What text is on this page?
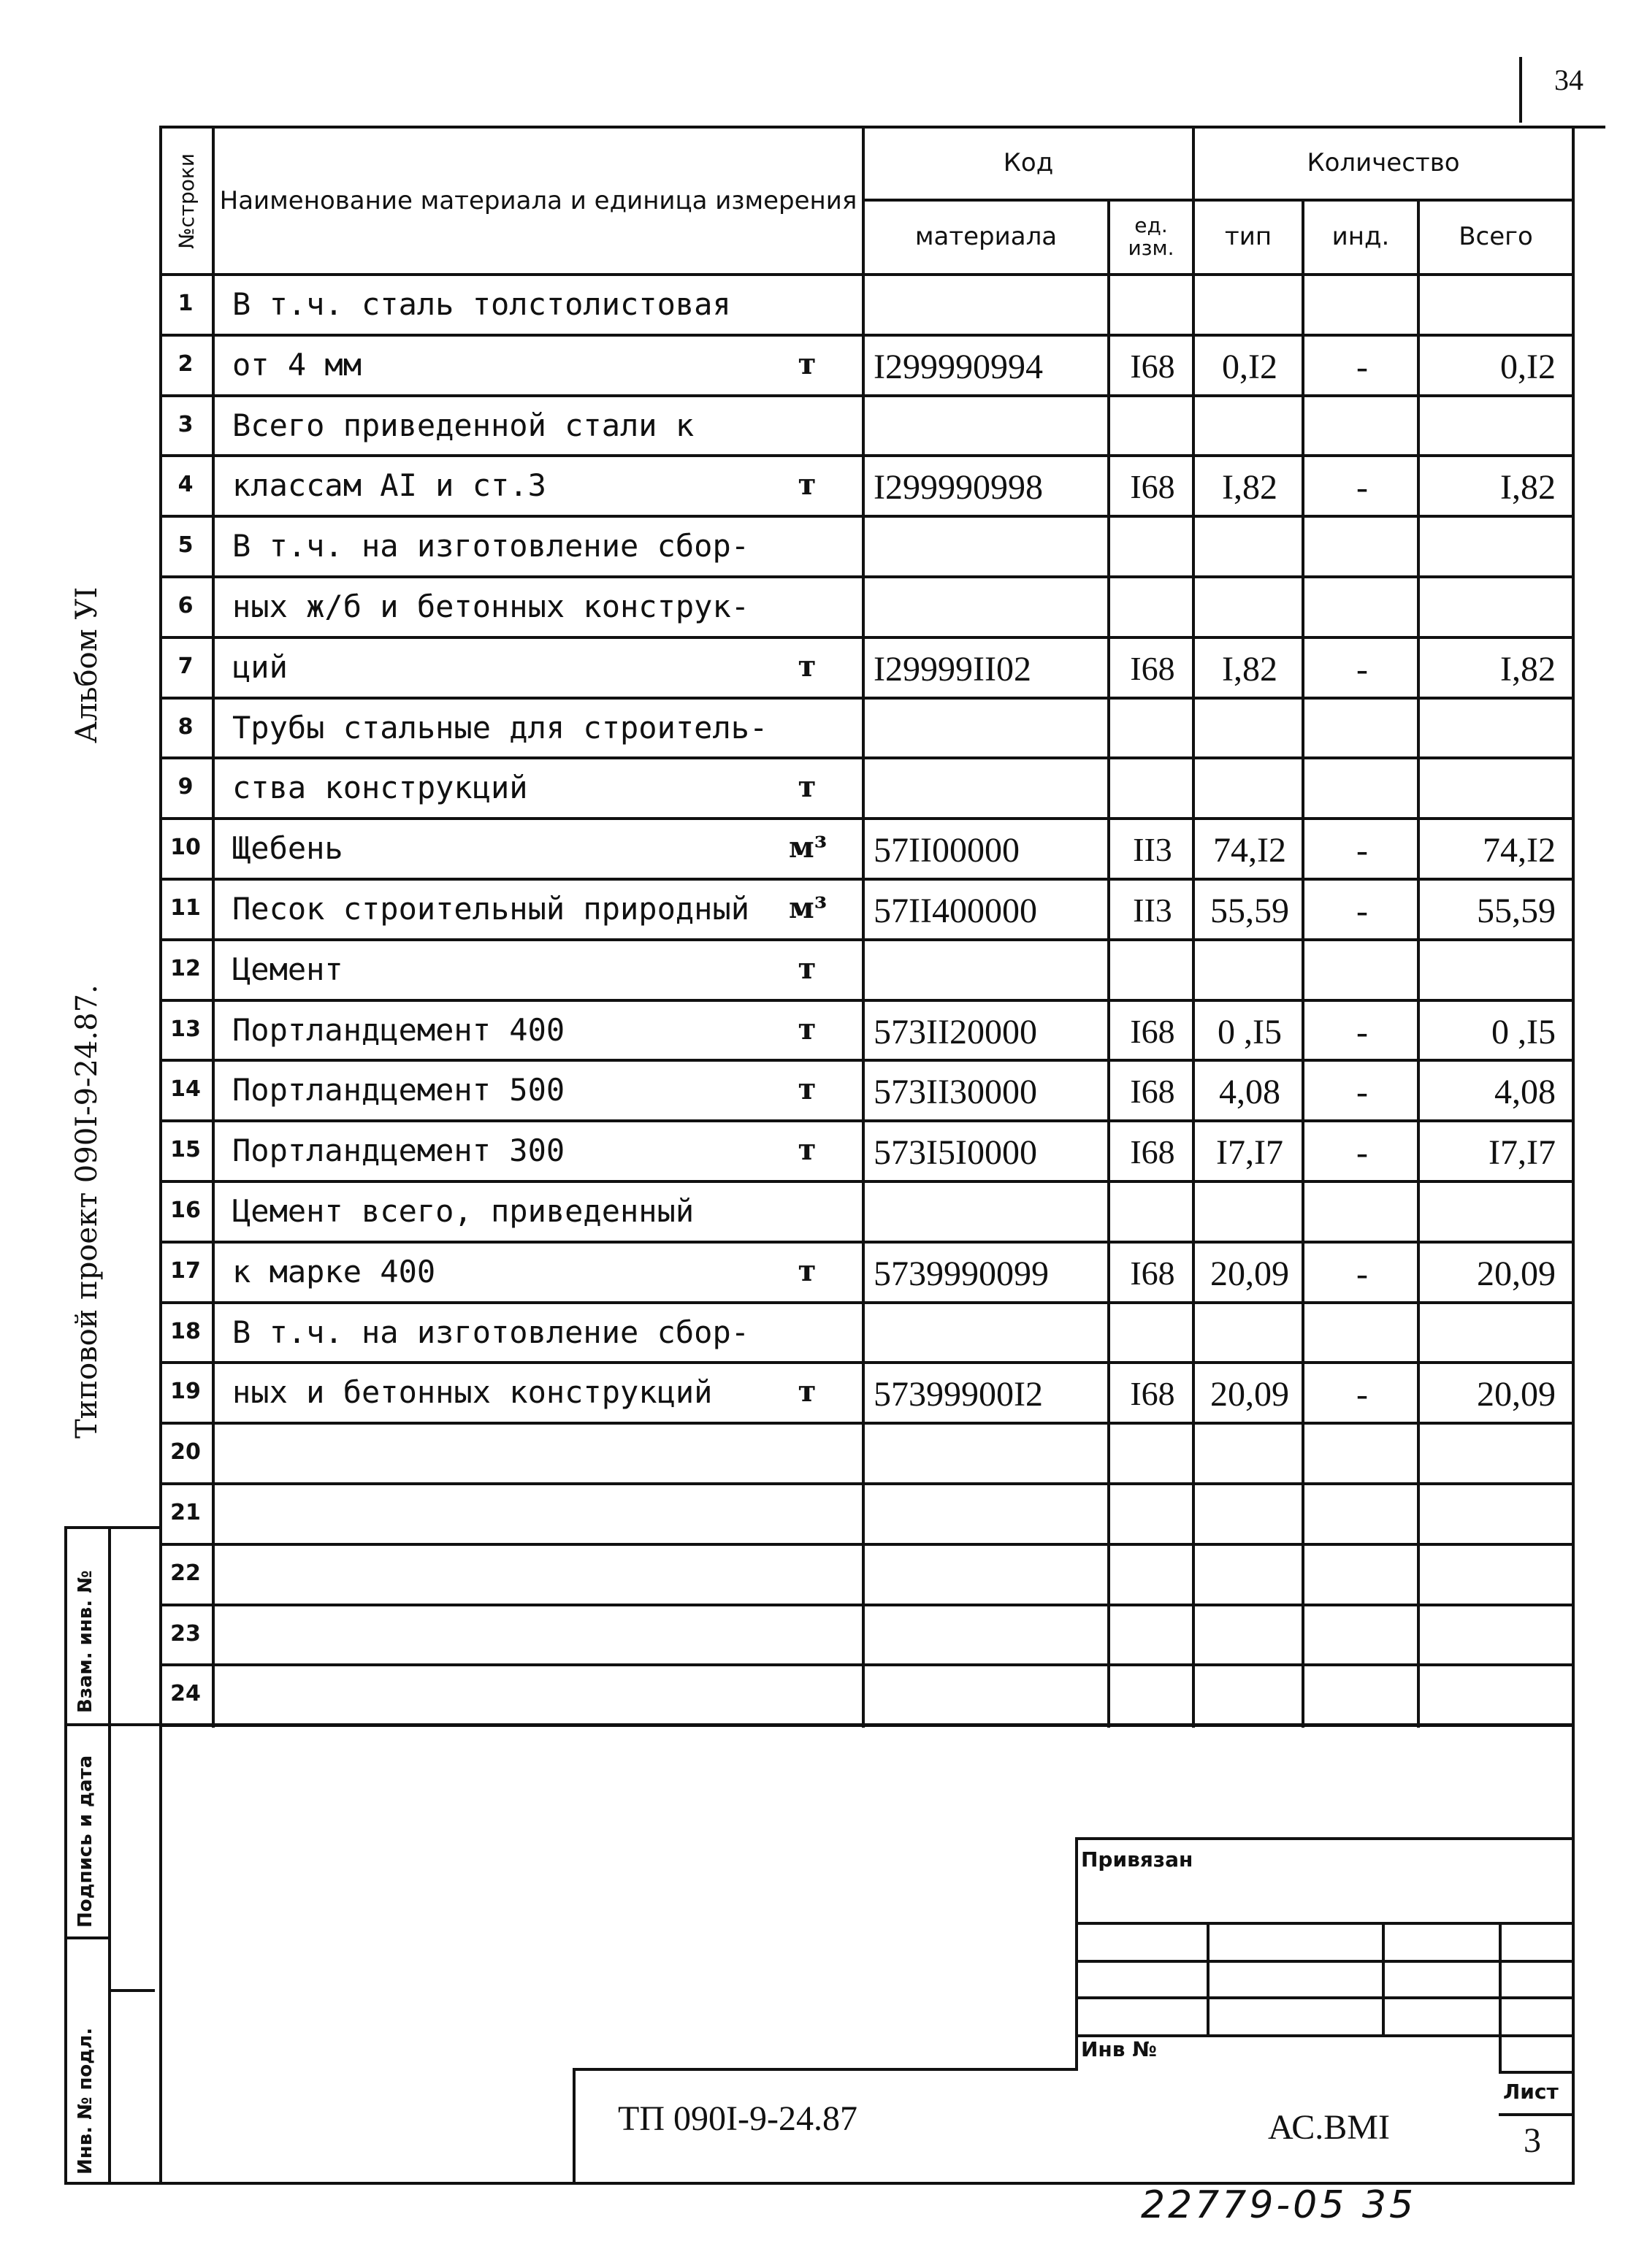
34
№строки Наименование материала и единица измерения
Код	Количество
материала	ед. изм.	тип	инд.	Всего
1	В т.ч. сталь толстолистовая
2	от 4 мм	т I299990994	I68	0,I2	-	0,I2
3	Всего приведенной стали к
4	классам AI и ст.3	т I299990998	I68	I,82	-	I,82
5	В т.ч. на изготовление сбор-
6	ных ж/б и бетонных конструк-
7	ций	т I29999II02	I68	I,82	-	I,82
8	Трубы стальные для строитель-
9	ства конструкций	т
10	Щебень	м³ 57II00000	II3	74,I2	-	74,I2
11	Песок строительный природный м³ 57II400000	II3	55,59	-	55,59
12	Цемент	т
13	Портландцемент 400	т 573II20000	I68	0 ,I5	-	0 ,I5
14	Портландцемент 500	т 573II30000	I68	4,08	-	4,08
15	Портландцемент 300	т 573I5I0000	I68	I7,I7	-	I7,I7
16	Цемент всего, приведенный
17	к марке 400	т 5739990099	I68	20,09	-	20,09
18	В т.ч. на изготовление сбор-
19	ных и бетонных конструкций	т 57399900I2	I68	20,09	-	20,09
20
21
22
23
24
Взам. инв. №
Подпись и дата
Инв. № подл.
Альбом УI
Типовой проект 090I-9-24.87.
Привязан
Инв №
ТП 090I-9-24.87	АС.ВМI
Лист
3
22779-05 35
